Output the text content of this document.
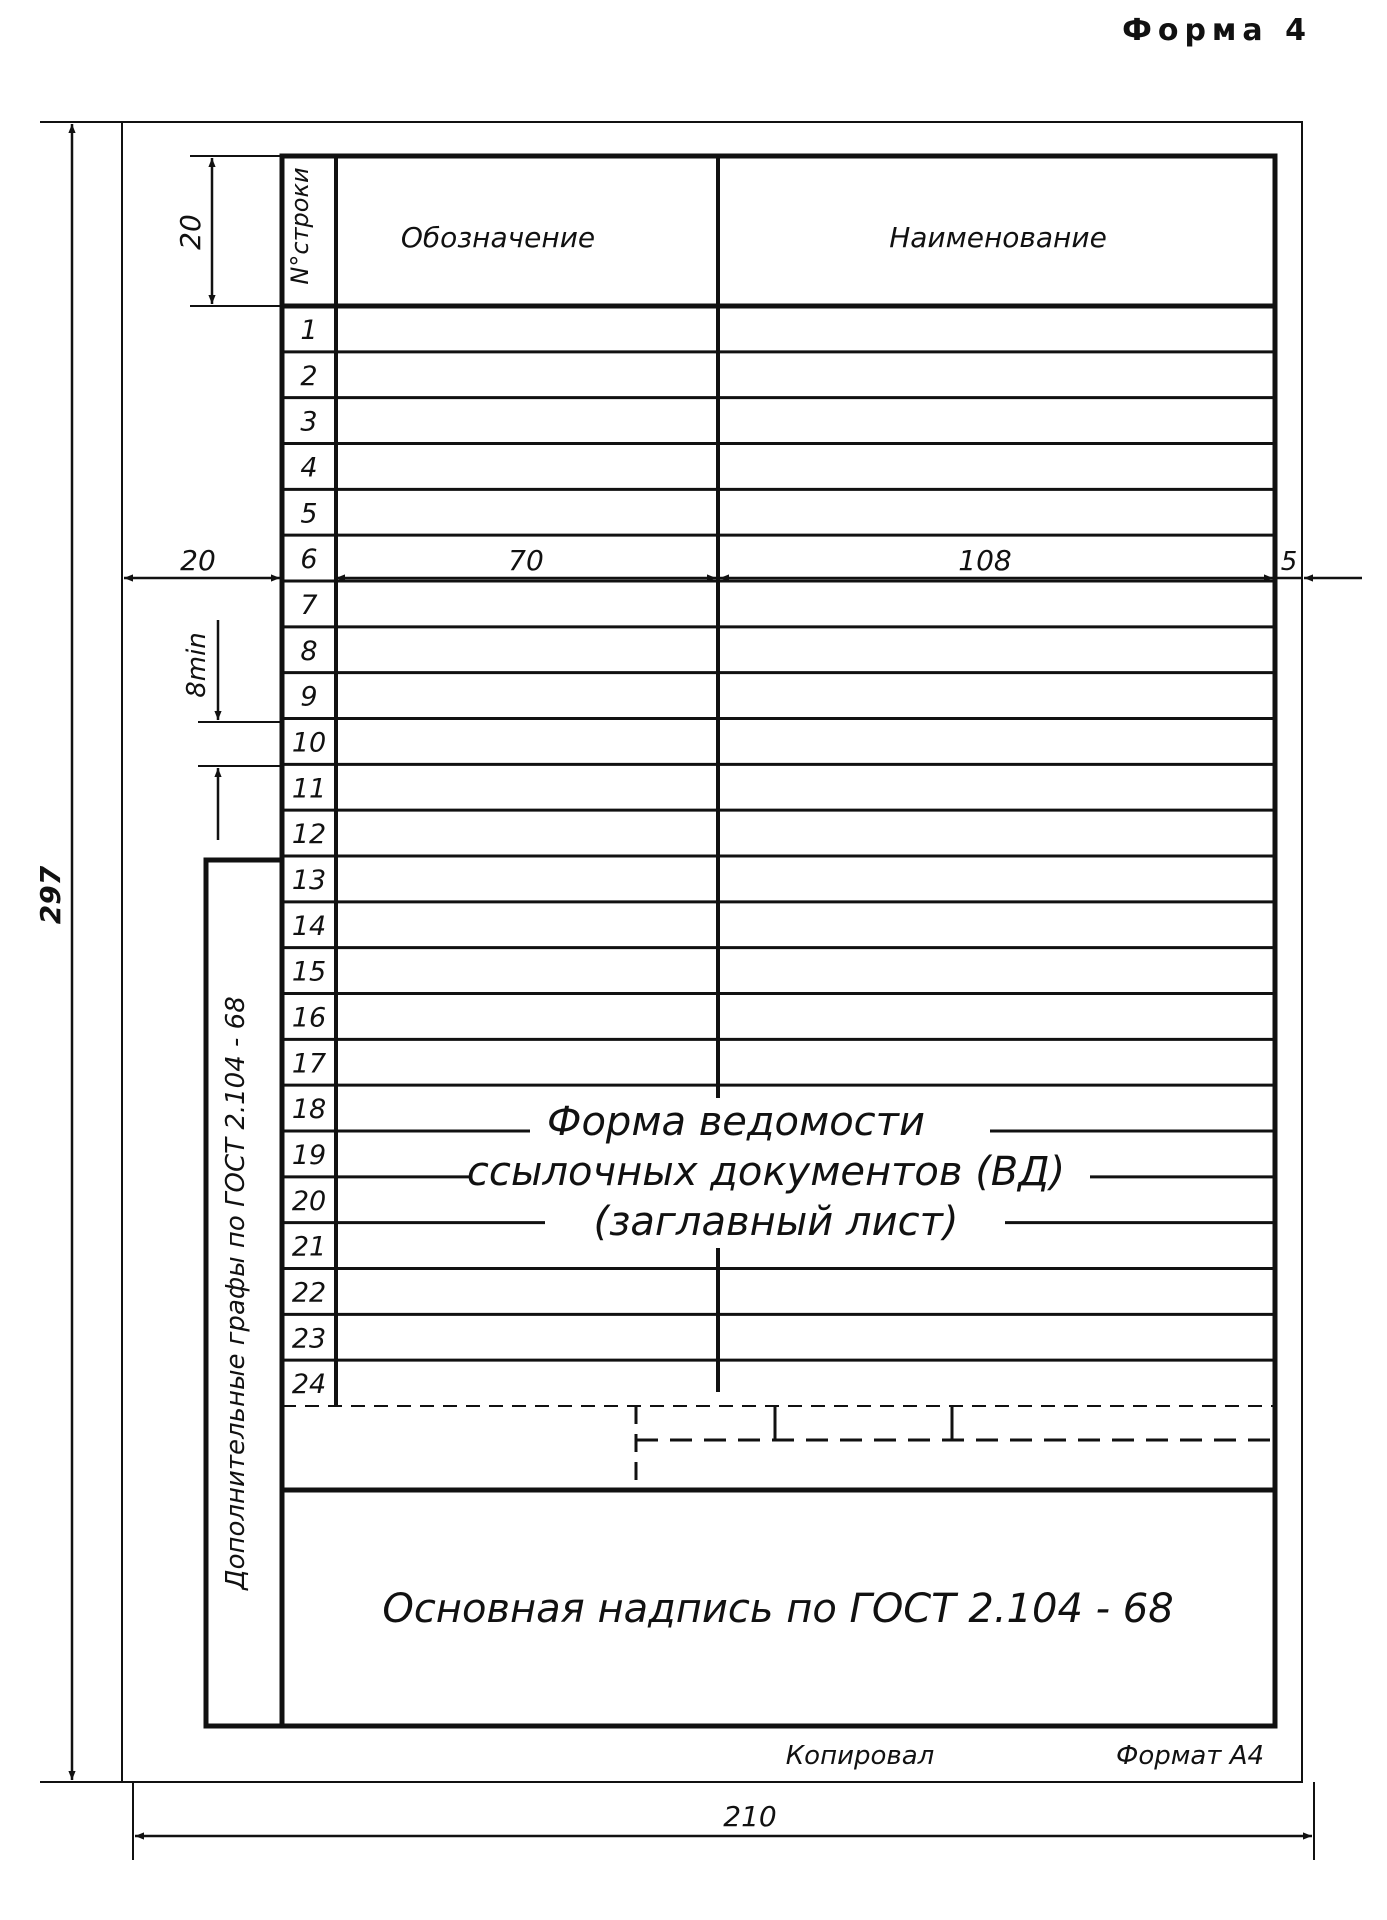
Форма 4
Дополнительные графы по ГОСТ 2.104 - 68
N°строки	Обозначение	Наименование
1
2
3
4
5
6
7
8
9
10
11
12
13
14
15
16
17
18
19
20
21
22
23
24
Форма ведомости
ссылочных документов (ВД)
(заглавный лист)
Основная надпись по ГОСТ 2.104 - 68
297
210
20
20	70	108	5
8min
Копировал	Формат А4
